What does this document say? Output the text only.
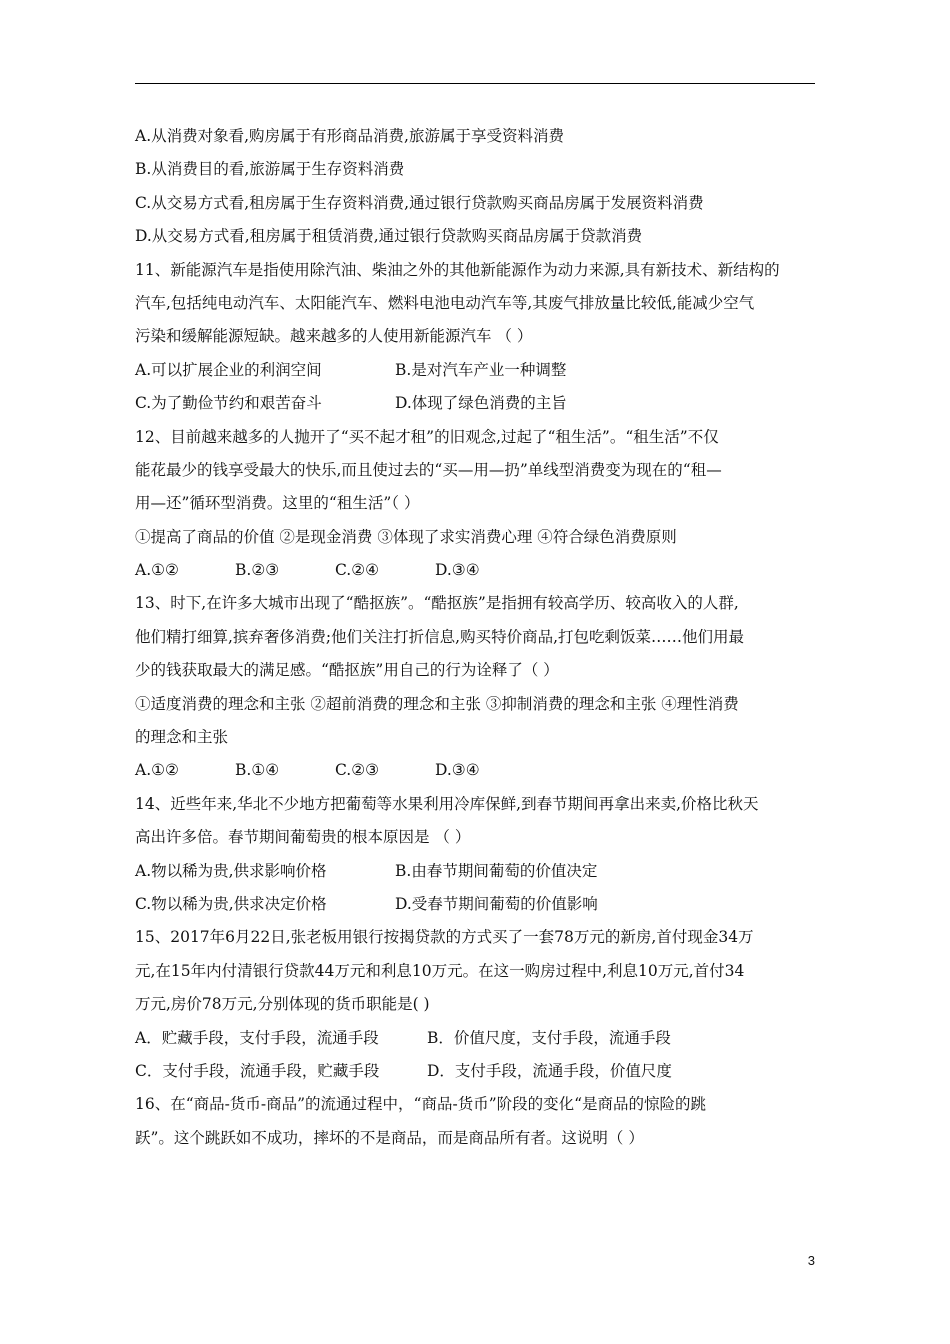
A.从消费对象看,购房属于有形商品消费,旅游属于享受资料消费
B.从消费目的看,旅游属于生存资料消费
C.从交易方式看,租房属于生存资料消费,通过银行贷款购买商品房属于发展资料消费
D.从交易方式看,租房属于租赁消费,通过银行贷款购买商品房属于贷款消费
11、新能源汽车是指使用除汽油、柴油之外的其他新能源作为动力来源,具有新技术、新结构的
汽车,包括纯电动汽车、太阳能汽车、燃料电池电动汽车等,其废气排放量比较低,能减少空气
污染和缓解能源短缺。越来越多的人使用新能源汽车 （ ）
A.可以扩展企业的利润空间	B.是对汽车产业一种调整
C.为了勤俭节约和艰苦奋斗	D.体现了绿色消费的主旨
12、目前越来越多的人抛开了“买不起才租”的旧观念,过起了“租生活”。“租生活”不仅
能花最少的钱享受最大的快乐,而且使过去的“买—用—扔”单线型消费变为现在的“租—
用—还”循环型消费。这里的“租生活”（ ）
①提高了商品的价值 ②是现金消费 ③体现了求实消费心理 ④符合绿色消费原则
A.①②	B.②③	C.②④	D.③④
13、时下,在许多大城市出现了“酷抠族”。“酷抠族”是指拥有较高学历、较高收入的人群,
他们精打细算,摈弃奢侈消费;他们关注打折信息,购买特价商品,打包吃剩饭菜……他们用最
少的钱获取最大的满足感。“酷抠族”用自己的行为诠释了（ ）
①适度消费的理念和主张 ②超前消费的理念和主张 ③抑制消费的理念和主张 ④理性消费
的理念和主张
A.①②	B.①④	C.②③	D.③④
14、近些年来,华北不少地方把葡萄等水果利用冷库保鲜,到春节期间再拿出来卖,价格比秋天
高出许多倍。春节期间葡萄贵的根本原因是 （ ）
A.物以稀为贵,供求影响价格	B.由春节期间葡萄的价值决定
C.物以稀为贵,供求决定价格	D.受春节期间葡萄的价值影响
15、2017年6月22日,张老板用银行按揭贷款的方式买了一套78万元的新房,首付现金34万
元,在15年内付清银行贷款44万元和利息10万元。在这一购房过程中,利息10万元,首付34
万元,房价78万元,分别体现的货币职能是( )
A．贮藏手段，支付手段，流通手段	B．价值尺度，支付手段，流通手段
C．支付手段，流通手段，贮藏手段	D．支付手段，流通手段，价值尺度
16、在“商品-货币-商品”的流通过程中，“商品-货币”阶段的变化“是商品的惊险的跳
跃”。这个跳跃如不成功，摔坏的不是商品，而是商品所有者。这说明（ ）
3
